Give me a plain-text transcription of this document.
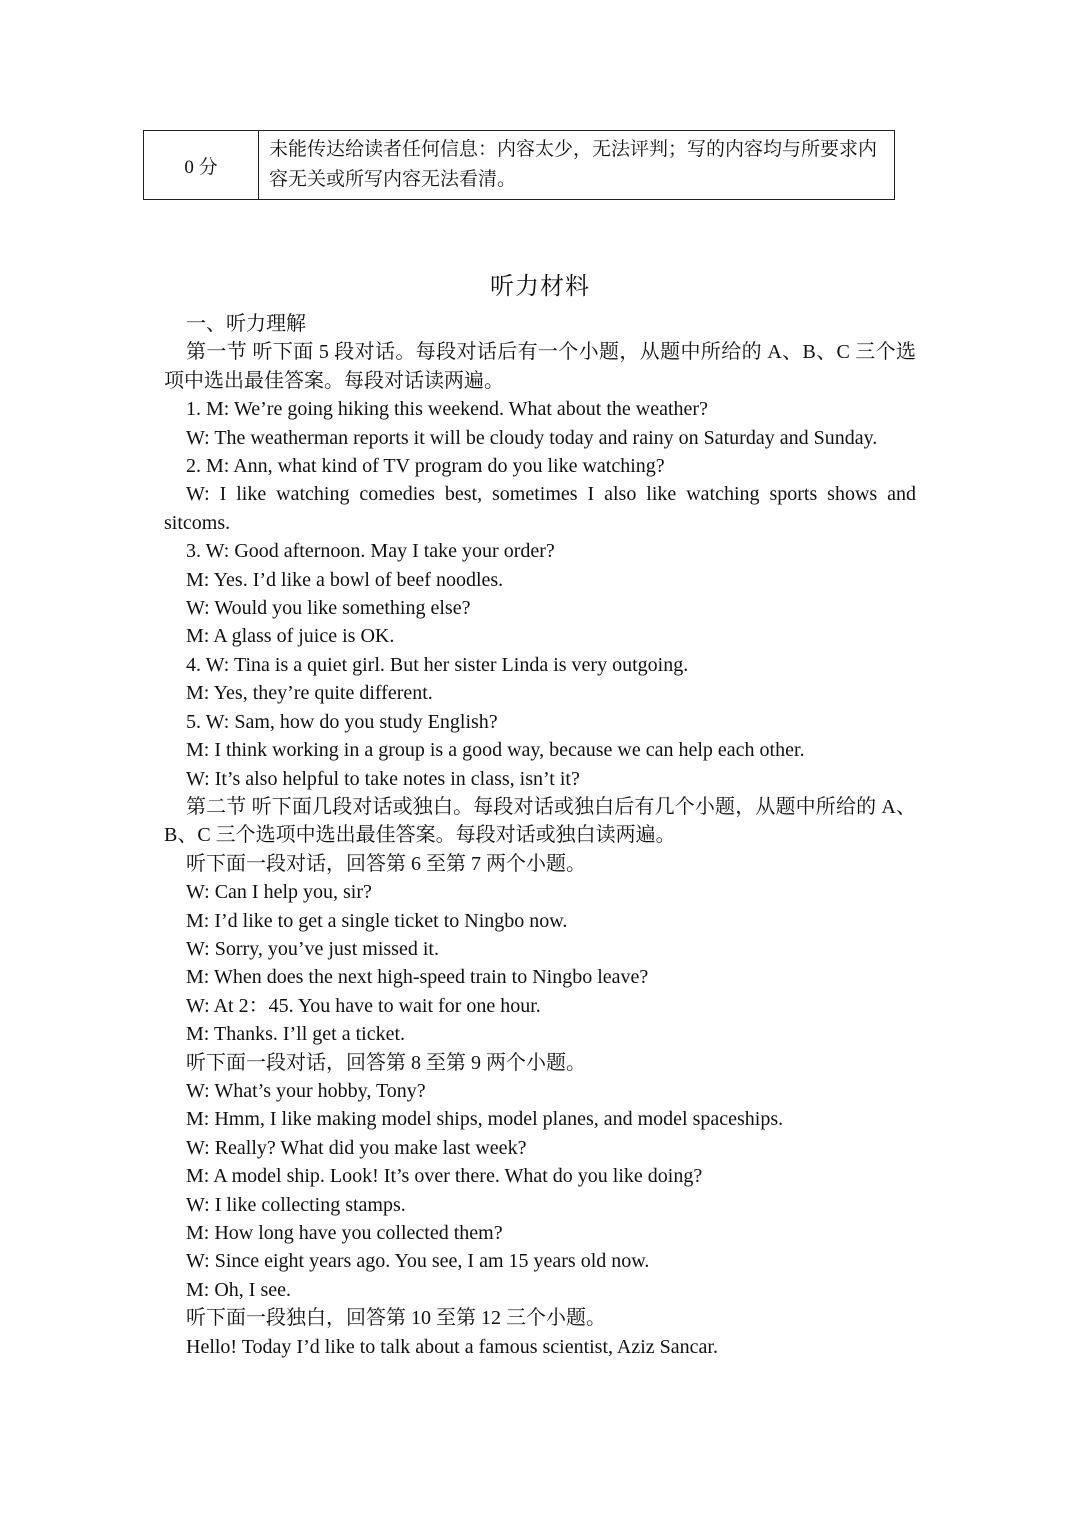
0 分	未能传达给读者任何信息：内容太少，无法评判；写的内容均与所要求内容无关或所写内容无法看清。
听力材料

一、听力理解

第一节 听下面 5 段对话。每段对话后有一个小题，从题中所给的 A、B、C 三个选项中选出最佳答案。每段对话读两遍。

1. M: We’re going hiking this weekend. What about the weather?

W: The weatherman reports it will be cloudy today and rainy on Saturday and Sunday.

2. M: Ann, what kind of TV program do you like watching?

W: I like watching comedies best, sometimes I also like watching sports shows and sitcoms.

3. W: Good afternoon. May I take your order?

M: Yes. I’d like a bowl of beef noodles.

W: Would you like something else?

M: A glass of juice is OK.

4. W: Tina is a quiet girl. But her sister Linda is very outgoing.

M: Yes, they’re quite different.

5. W: Sam, how do you study English?

M: I think working in a group is a good way, because we can help each other.

W: It’s also helpful to take notes in class, isn’t it?

第二节 听下面几段对话或独白。每段对话或独白后有几个小题，从题中所给的 A、B、C 三个选项中选出最佳答案。每段对话或独白读两遍。

听下面一段对话，回答第 6 至第 7 两个小题。

W: Can I help you, sir?

M: I’d like to get a single ticket to Ningbo now.

W: Sorry, you’ve just missed it.

M: When does the next high-speed train to Ningbo leave?

W: At 2：45. You have to wait for one hour.

M: Thanks. I’ll get a ticket.

听下面一段对话，回答第 8 至第 9 两个小题。

W: What’s your hobby, Tony?

M: Hmm, I like making model ships, model planes, and model spaceships.

W: Really? What did you make last week?

M: A model ship. Look! It’s over there. What do you like doing?

W: I like collecting stamps.

M: How long have you collected them?

W: Since eight years ago. You see, I am 15 years old now.

M: Oh, I see.

听下面一段独白，回答第 10 至第 12 三个小题。

Hello! Today I’d like to talk about a famous scientist, Aziz Sancar.
